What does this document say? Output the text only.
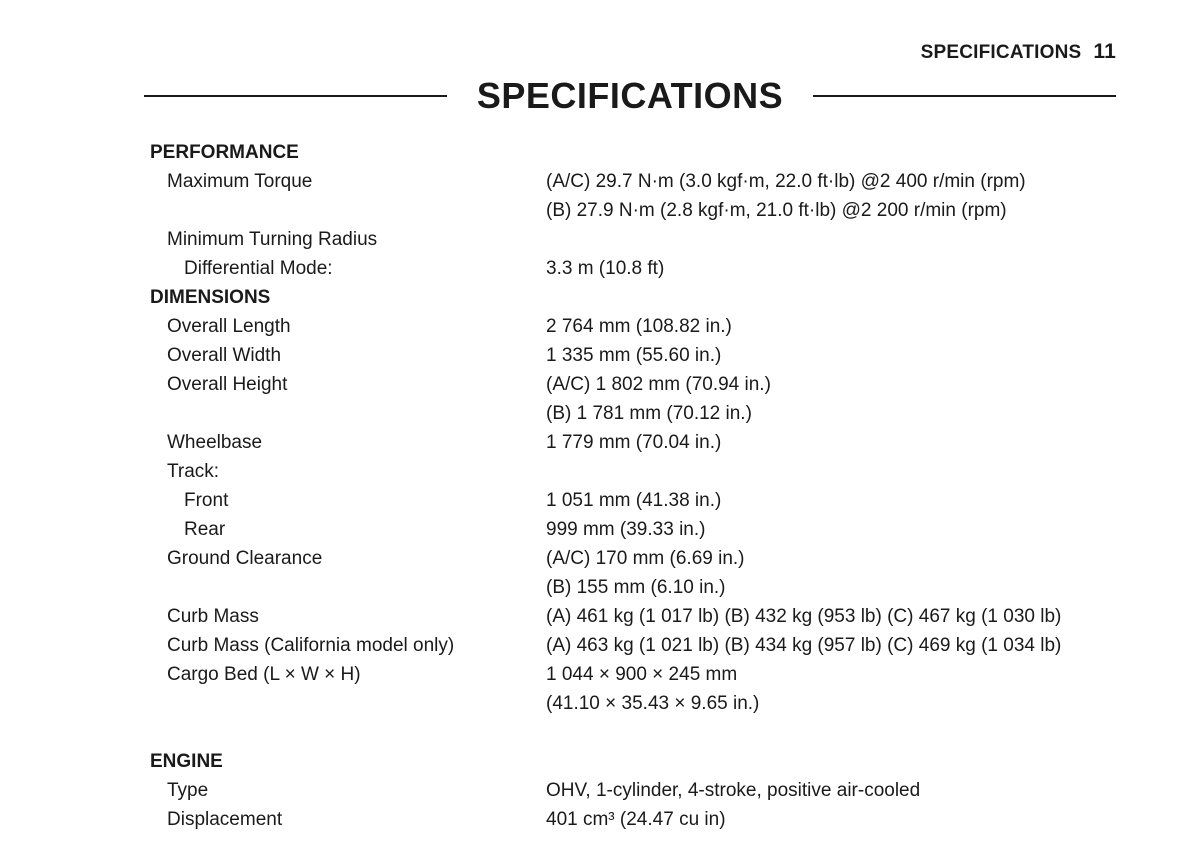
SPECIFICATIONS 11
SPECIFICATIONS
PERFORMANCE
Maximum Torque	(A/C) 29.7 N·m (3.0 kgf·m, 22.0 ft·lb) @2 400 r/min (rpm)
(B) 27.9 N·m (2.8 kgf·m, 21.0 ft·lb) @2 200 r/min (rpm)
Minimum Turning Radius
Differential Mode:	3.3 m (10.8 ft)
DIMENSIONS
Overall Length	2 764 mm (108.82 in.)
Overall Width	1 335 mm (55.60 in.)
Overall Height	(A/C) 1 802 mm (70.94 in.)
(B) 1 781 mm (70.12 in.)
Wheelbase	1 779 mm (70.04 in.)
Track:
Front	1 051 mm (41.38 in.)
Rear	999 mm (39.33 in.)
Ground Clearance	(A/C) 170 mm (6.69 in.)
(B) 155 mm (6.10 in.)
Curb Mass	(A) 461 kg (1 017 lb) (B) 432 kg (953 lb) (C) 467 kg (1 030 lb)
Curb Mass (California model only)	(A) 463 kg (1 021 lb) (B) 434 kg (957 lb) (C) 469 kg (1 034 lb)
Cargo Bed (L × W × H)	1 044 × 900 × 245 mm
(41.10 × 35.43 × 9.65 in.)
ENGINE
Type	OHV, 1-cylinder, 4-stroke, positive air-cooled
Displacement	401 cm³ (24.47 cu in)
